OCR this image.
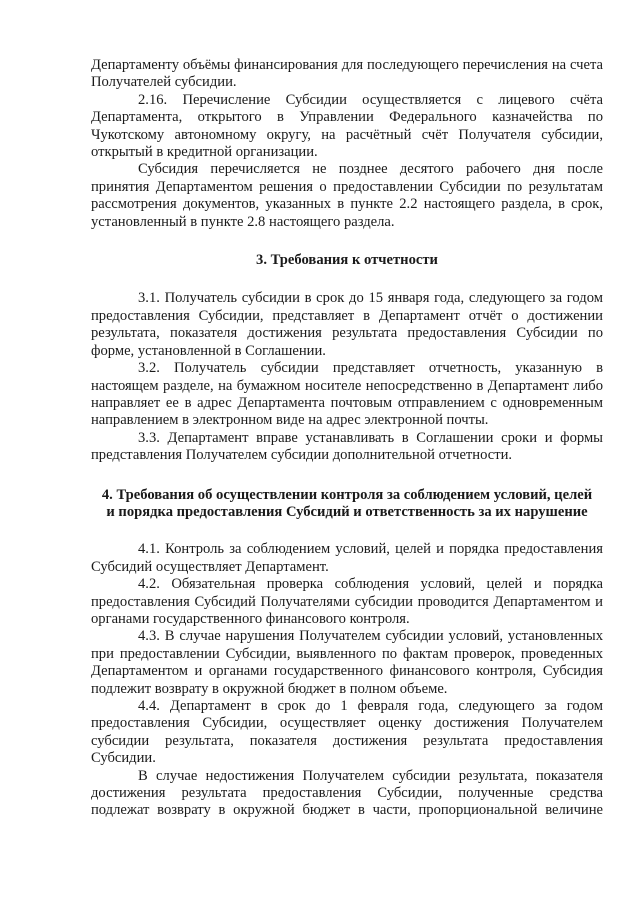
Департаменту объёмы финансирования для последующего перечисления на счета Получателей субсидии.

2.16. Перечисление Субсидии осуществляется с лицевого счёта Департамента, открытого в Управлении Федерального казначейства по Чукотскому автономному округу, на расчётный счёт Получателя субсидии, открытый в кредитной организации.

Субсидия перечисляется не позднее десятого рабочего дня после принятия Департаментом решения о предоставлении Субсидии по результатам рассмотрения документов, указанных в пункте 2.2 настоящего раздела, в срок, установленный в пункте 2.8 настоящего раздела.

3. Требования к отчетности

3.1. Получатель субсидии в срок до 15 января года, следующего за годом предоставления Субсидии, представляет в Департамент отчёт о достижении результата, показателя достижения результата предоставления Субсидии по форме, установленной в Соглашении.

3.2. Получатель субсидии представляет отчетность, указанную в настоящем разделе, на бумажном носителе непосредственно в Департамент либо направляет ее в адрес Департамента почтовым отправлением с одновременным направлением в электронном виде на адрес электронной почты.

3.3. Департамент вправе устанавливать в Соглашении сроки и формы представления Получателем субсидии дополнительной отчетности.

4. Требования об осуществлении контроля за соблюдением условий, целей
и порядка предоставления Субсидий и ответственность за их нарушение

4.1. Контроль за соблюдением условий, целей и порядка предоставления Субсидий осуществляет Департамент.

4.2. Обязательная проверка соблюдения условий, целей и порядка предоставления Субсидий Получателями субсидии проводится Департаментом и органами государственного финансового контроля.

4.3. В случае нарушения Получателем субсидии условий, установленных при предоставлении Субсидии, выявленного по фактам проверок, проведенных Департаментом и органами государственного финансового контроля, Субсидия подлежит возврату в окружной бюджет в полном объеме.

4.4. Департамент в срок до 1 февраля года, следующего за годом предоставления Субсидии, осуществляет оценку достижения Получателем субсидии результата, показателя достижения результата предоставления Субсидии.

В случае недостижения Получателем субсидии результата, показателя достижения результата предоставления Субсидии, полученные средства подлежат возврату в окружной бюджет в части, пропорциональной величине
